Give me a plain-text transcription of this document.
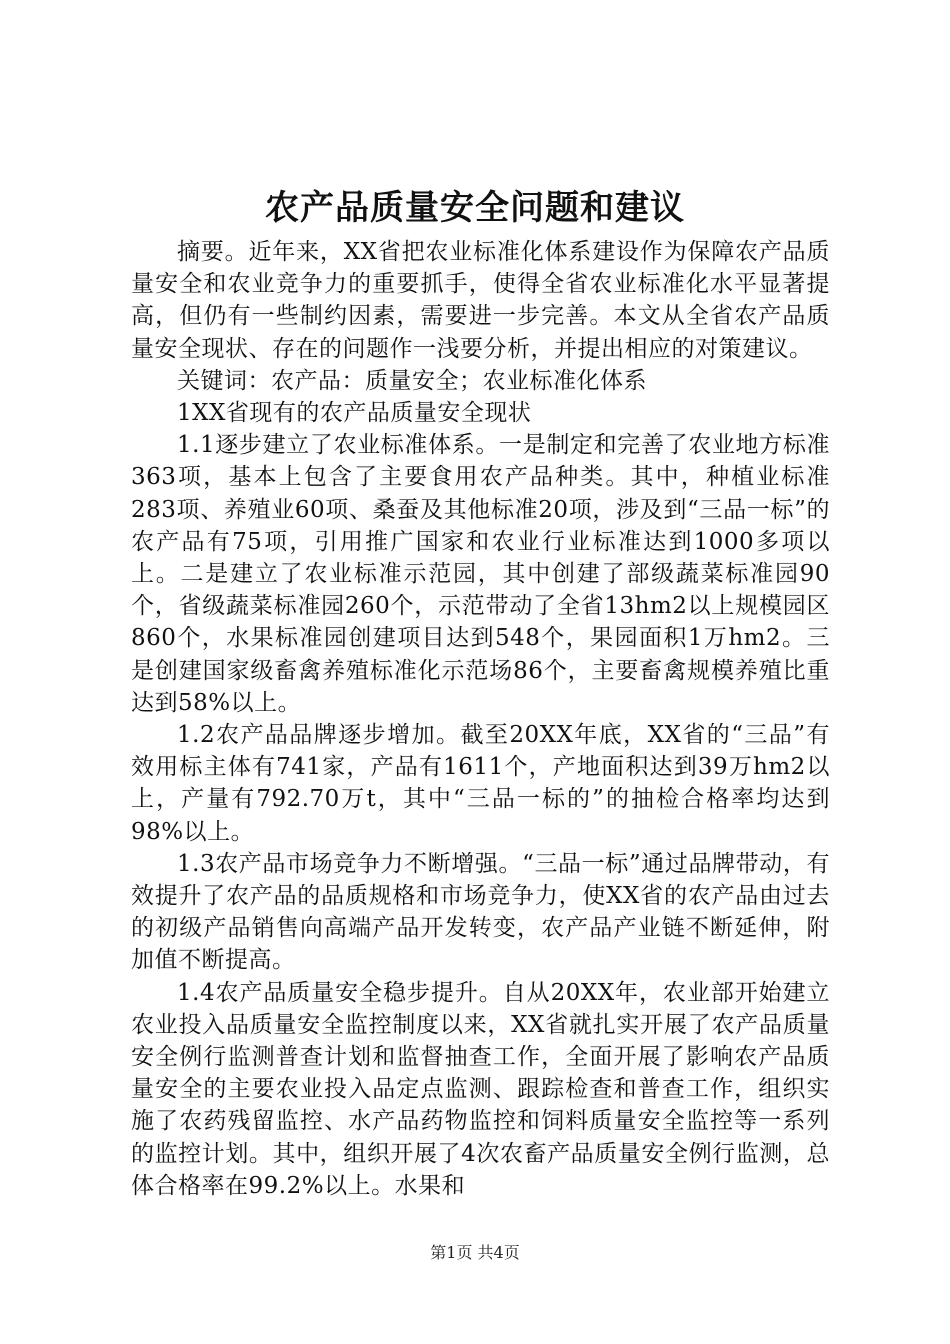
农产品质量安全问题和建议

摘要。近年来，XX省把农业标准化体系建设作为保障农产品质量安全和农业竞争力的重要抓手，使得全省农业标准化水平显著提高，但仍有一些制约因素，需要进一步完善。本文从全省农产品质量安全现状、存在的问题作一浅要分析，并提出相应的对策建议。

关键词：农产品：质量安全；农业标准化体系

1XX省现有的农产品质量安全现状

1.1逐步建立了农业标准体系。一是制定和完善了农业地方标准363项，基本上包含了主要食用农产品种类。其中，种植业标准283项、养殖业60项、桑蚕及其他标准20项，涉及到“三品一标”的农产品有75项，引用推广国家和农业行业标准达到1000多项以上。二是建立了农业标准示范园，其中创建了部级蔬菜标准园90个，省级蔬菜标准园260个，示范带动了全省13hm2以上规模园区860个，水果标准园创建项目达到548个，果园面积1万hm2。三是创建国家级畜禽养殖标准化示范场86个，主要畜禽规模养殖比重达到58%以上。

1.2农产品品牌逐步增加。截至20XX年底，XX省的“三品”有效用标主体有741家，产品有1611个，产地面积达到39万hm2以上，产量有792.70万t，其中“三品一标的”的抽检合格率均达到98%以上。

1.3农产品市场竞争力不断增强。“三品一标”通过品牌带动，有效提升了农产品的品质规格和市场竞争力，使XX省的农产品由过去的初级产品销售向高端产品开发转变，农产品产业链不断延伸，附加值不断提高。

1.4农产品质量安全稳步提升。自从20XX年，农业部开始建立农业投入品质量安全监控制度以来，XX省就扎实开展了农产品质量安全例行监测普查计划和监督抽查工作，全面开展了影响农产品质量安全的主要农业投入品定点监测、跟踪检查和普查工作，组织实施了农药残留监控、水产品药物监控和饲料质量安全监控等一系列的监控计划。其中，组织开展了4次农畜产品质量安全例行监测，总体合格率在99.2%以上。水果和

第1页 共4页
